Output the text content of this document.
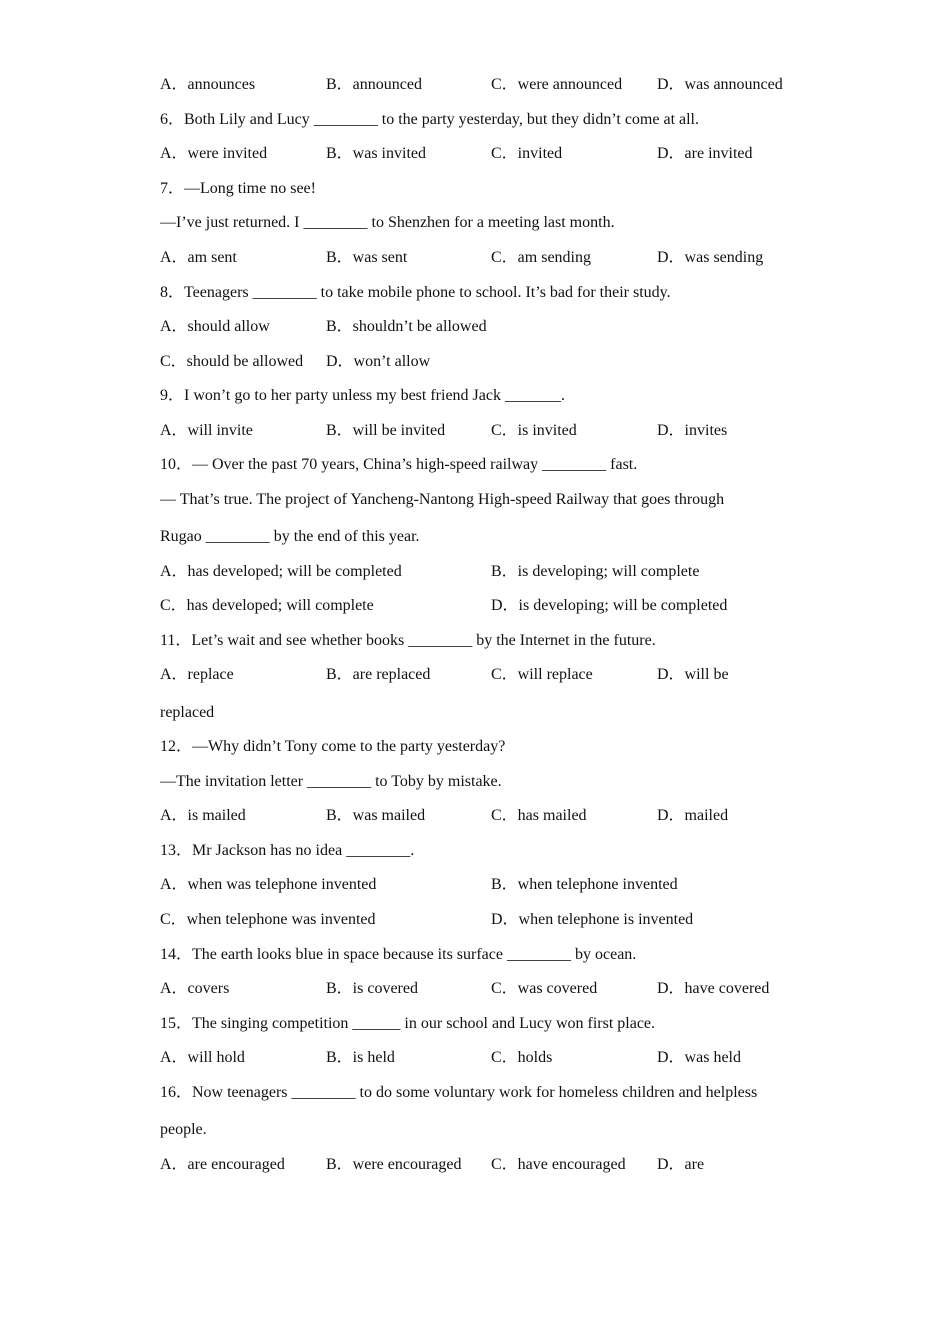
A．announces	B．announced	C．were announced D．was announced
6．Both Lily and Lucy ________ to the party yesterday, but they didn’t come at all.
A．were invited	B．was invited	C．invited	D．are invited
7．—Long time no see!
—I’ve just returned. I ________ to Shenzhen for a meeting last month.
A．am sent	B．was sent	C．am sending	D．was sending
8．Teenagers ________ to take mobile phone to school. It’s bad for their study.
A．should allow	B．shouldn’t be allowed
C．should be allowed D．won’t allow
9．I won’t go to her party unless my best friend Jack _______.
A．will invite	B．will be invited	C．is invited	D．invites
10．— Over the past 70 years, China’s high-speed railway ________ fast.
— That’s true. The project of Yancheng-Nantong High-speed Railway that goes through
Rugao ________ by the end of this year.
A．has developed; will be completed	B．is developing; will complete
C．has developed; will complete	D．is developing; will be completed
11．Let’s wait and see whether books ________ by the Internet in the future.
A．replace	B．are replaced	C．will replace	D．will be
replaced
12．—Why didn’t Tony come to the party yesterday?
—The invitation letter ________ to Toby by mistake.
A．is mailed	B．was mailed	C．has mailed	D．mailed
13．Mr Jackson has no idea ________.
A．when was telephone invented	B．when telephone invented
C．when telephone was invented	D．when telephone is invented
14．The earth looks blue in space because its surface ________ by ocean.
A．covers	B．is covered	C．was covered	D．have covered
15．The singing competition ______ in our school and Lucy won first place.
A．will hold	B．is held	C．holds	D．was held
16．Now teenagers ________ to do some voluntary work for homeless children and helpless
people.
A．are encouraged	B．were encouraged C．have encouraged D．are
